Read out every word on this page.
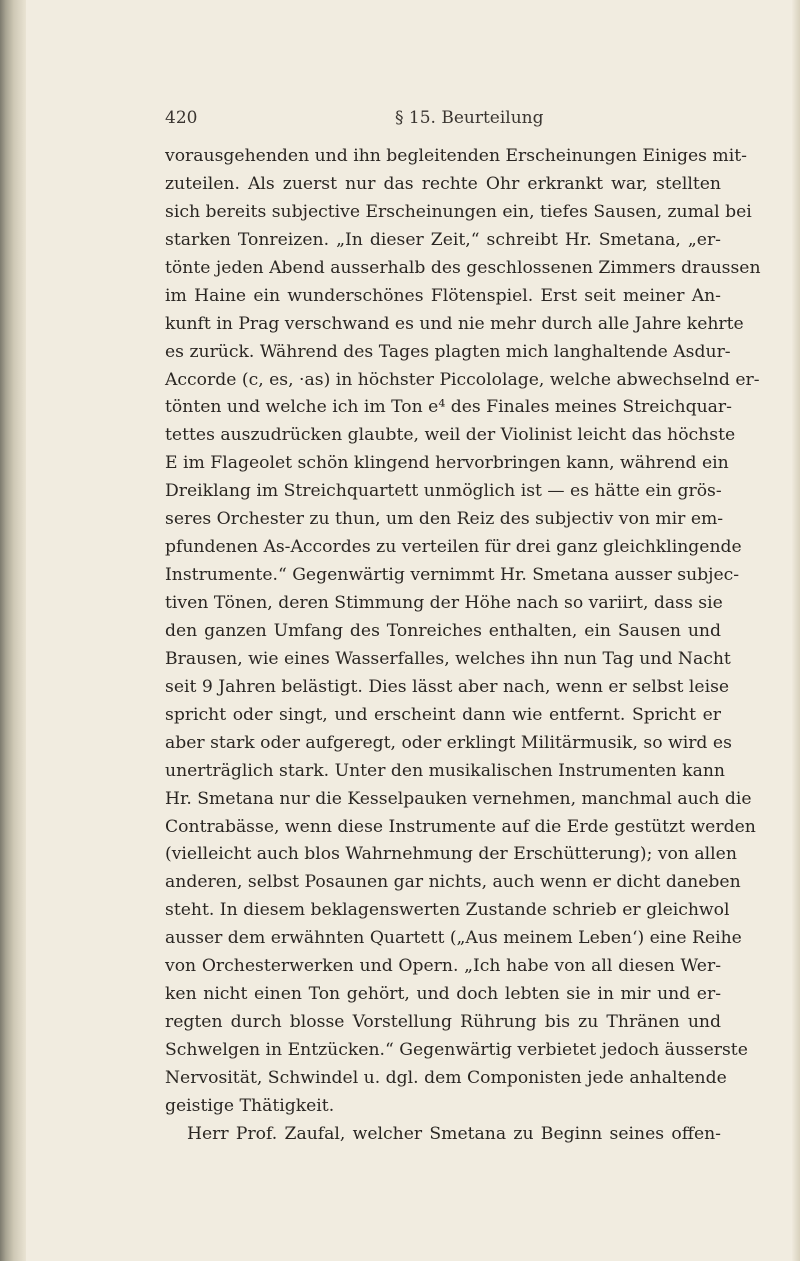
420	§ 15. Beurteilung
vorausgehenden und ihn begleitenden Erscheinungen Einiges mit-
zuteilen. Als zuerst nur das rechte Ohr erkrankt war, stellten
sich bereits subjective Erscheinungen ein, tiefes Sausen, zumal bei
starken Tonreizen. „In dieser Zeit,“ schreibt Hr. Smetana, „er-
tönte jeden Abend ausserhalb des geschlossenen Zimmers draussen
im Haine ein wunderschönes Flötenspiel. Erst seit meiner An-
kunft in Prag verschwand es und nie mehr durch alle Jahre kehrte
es zurück. Während des Tages plagten mich langhaltende Asdur-
Accorde (c, es, ·as) in höchster Piccololage, welche abwechselnd er-
tönten und welche ich im Ton e⁴ des Finales meines Streichquar-
tettes auszudrücken glaubte, weil der Violinist leicht das höchste
E im Flageolet schön klingend hervorbringen kann, während ein
Dreiklang im Streichquartett unmöglich ist — es hätte ein grös-
seres Orchester zu thun, um den Reiz des subjectiv von mir em-
pfundenen As-Accordes zu verteilen für drei ganz gleichklingende
Instrumente.“ Gegenwärtig vernimmt Hr. Smetana ausser subjec-
tiven Tönen, deren Stimmung der Höhe nach so variirt, dass sie
den ganzen Umfang des Tonreiches enthalten, ein Sausen und
Brausen, wie eines Wasserfalles, welches ihn nun Tag und Nacht
seit 9 Jahren belästigt. Dies lässt aber nach, wenn er selbst leise
spricht oder singt, und erscheint dann wie entfernt. Spricht er
aber stark oder aufgeregt, oder erklingt Militärmusik, so wird es
unerträglich stark. Unter den musikalischen Instrumenten kann
Hr. Smetana nur die Kesselpauken vernehmen, manchmal auch die
Contrabässe, wenn diese Instrumente auf die Erde gestützt werden
(vielleicht auch blos Wahrnehmung der Erschütterung); von allen
anderen, selbst Posaunen gar nichts, auch wenn er dicht daneben
steht. In diesem beklagenswerten Zustande schrieb er gleichwol
ausser dem erwähnten Quartett („Aus meinem Leben‘) eine Reihe
von Orchesterwerken und Opern. „Ich habe von all diesen Wer-
ken nicht einen Ton gehört, und doch lebten sie in mir und er-
regten durch blosse Vorstellung Rührung bis zu Thränen und
Schwelgen in Entzücken.“ Gegenwärtig verbietet jedoch äusserste
Nervosität, Schwindel u. dgl. dem Componisten jede anhaltende
geistige Thätigkeit.
Herr Prof. Zaufal, welcher Smetana zu Beginn seines offen-
